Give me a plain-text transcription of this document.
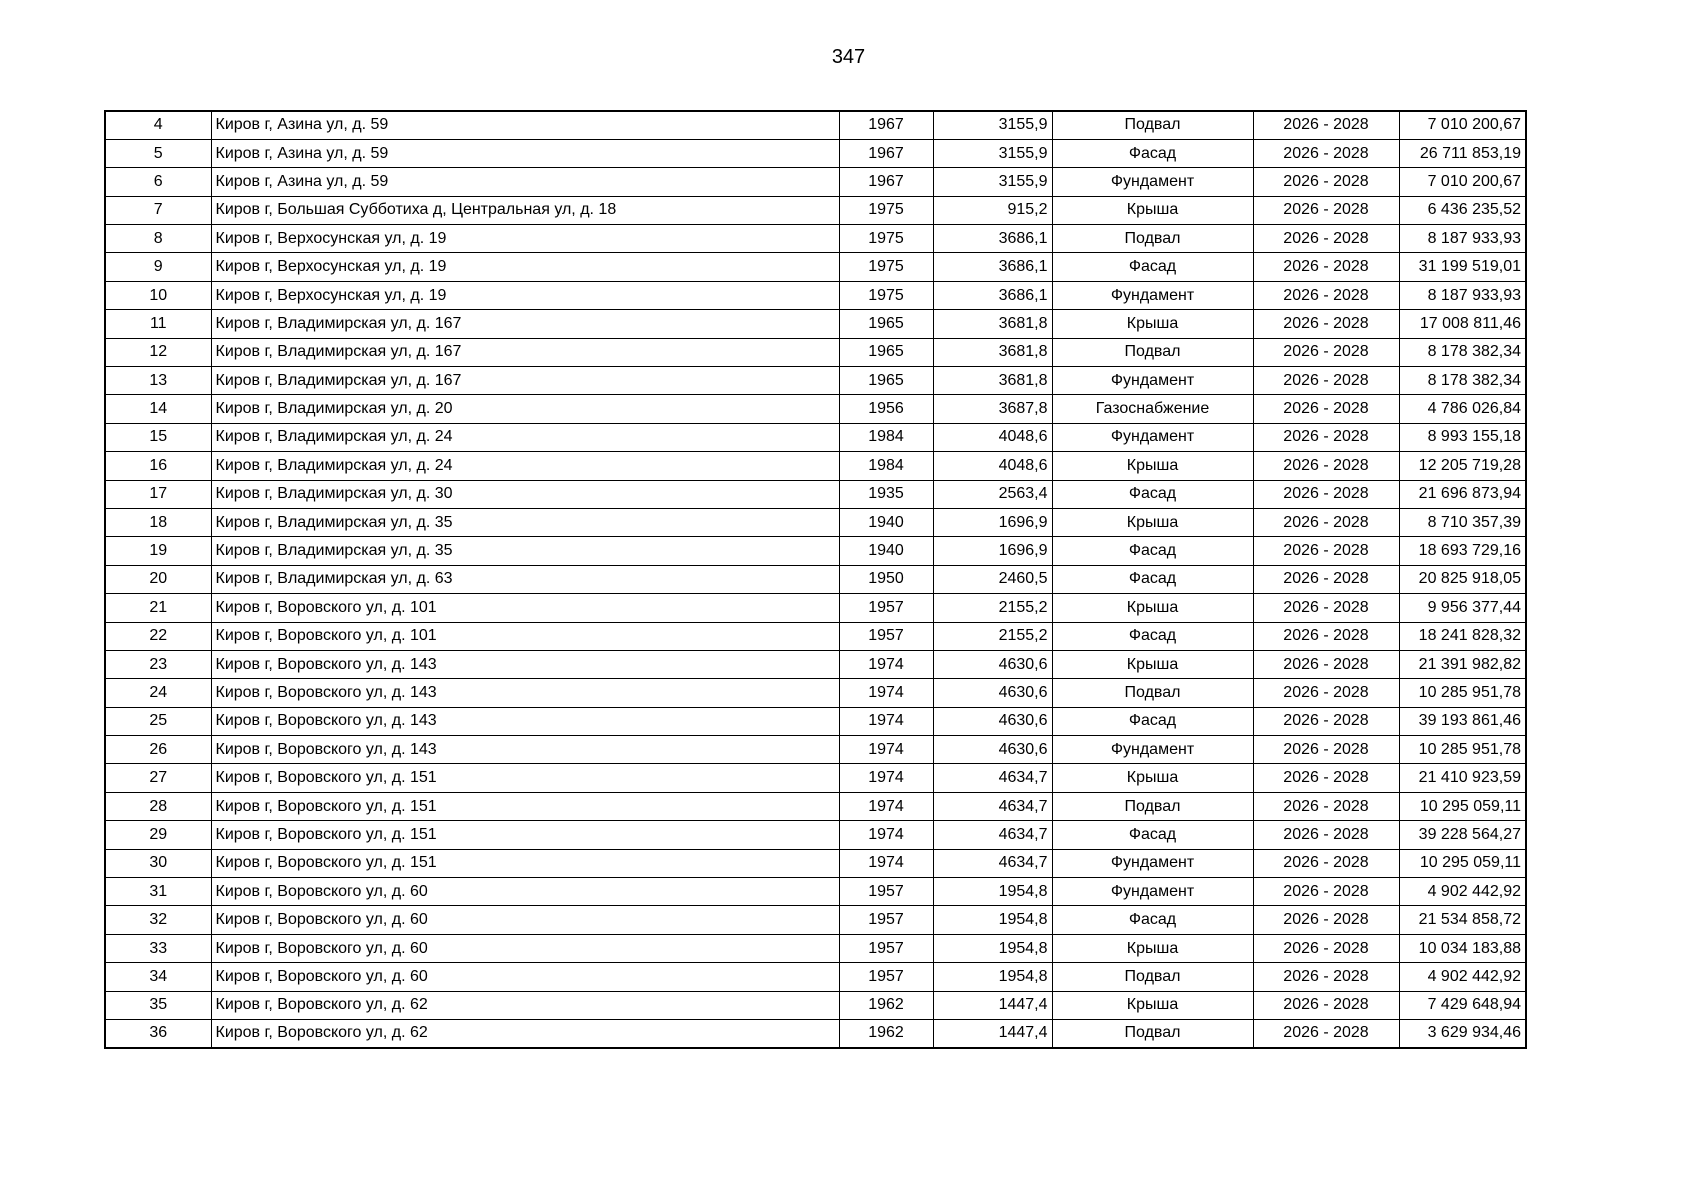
347
4	Киров г, Азина ул, д. 59	1967	3155,9	Подвал	2026 - 2028	7 010 200,67
5	Киров г, Азина ул, д. 59	1967	3155,9	Фасад	2026 - 2028	26 711 853,19
6	Киров г, Азина ул, д. 59	1967	3155,9	Фундамент	2026 - 2028	7 010 200,67
7	Киров г, Большая Субботиха д, Центральная ул, д. 18	1975	915,2	Крыша	2026 - 2028	6 436 235,52
8	Киров г, Верхосунская ул, д. 19	1975	3686,1	Подвал	2026 - 2028	8 187 933,93
9	Киров г, Верхосунская ул, д. 19	1975	3686,1	Фасад	2026 - 2028	31 199 519,01
10	Киров г, Верхосунская ул, д. 19	1975	3686,1	Фундамент	2026 - 2028	8 187 933,93
11	Киров г, Владимирская ул, д. 167	1965	3681,8	Крыша	2026 - 2028	17 008 811,46
12	Киров г, Владимирская ул, д. 167	1965	3681,8	Подвал	2026 - 2028	8 178 382,34
13	Киров г, Владимирская ул, д. 167	1965	3681,8	Фундамент	2026 - 2028	8 178 382,34
14	Киров г, Владимирская ул, д. 20	1956	3687,8	Газоснабжение	2026 - 2028	4 786 026,84
15	Киров г, Владимирская ул, д. 24	1984	4048,6	Фундамент	2026 - 2028	8 993 155,18
16	Киров г, Владимирская ул, д. 24	1984	4048,6	Крыша	2026 - 2028	12 205 719,28
17	Киров г, Владимирская ул, д. 30	1935	2563,4	Фасад	2026 - 2028	21 696 873,94
18	Киров г, Владимирская ул, д. 35	1940	1696,9	Крыша	2026 - 2028	8 710 357,39
19	Киров г, Владимирская ул, д. 35	1940	1696,9	Фасад	2026 - 2028	18 693 729,16
20	Киров г, Владимирская ул, д. 63	1950	2460,5	Фасад	2026 - 2028	20 825 918,05
21	Киров г, Воровского ул, д. 101	1957	2155,2	Крыша	2026 - 2028	9 956 377,44
22	Киров г, Воровского ул, д. 101	1957	2155,2	Фасад	2026 - 2028	18 241 828,32
23	Киров г, Воровского ул, д. 143	1974	4630,6	Крыша	2026 - 2028	21 391 982,82
24	Киров г, Воровского ул, д. 143	1974	4630,6	Подвал	2026 - 2028	10 285 951,78
25	Киров г, Воровского ул, д. 143	1974	4630,6	Фасад	2026 - 2028	39 193 861,46
26	Киров г, Воровского ул, д. 143	1974	4630,6	Фундамент	2026 - 2028	10 285 951,78
27	Киров г, Воровского ул, д. 151	1974	4634,7	Крыша	2026 - 2028	21 410 923,59
28	Киров г, Воровского ул, д. 151	1974	4634,7	Подвал	2026 - 2028	10 295 059,11
29	Киров г, Воровского ул, д. 151	1974	4634,7	Фасад	2026 - 2028	39 228 564,27
30	Киров г, Воровского ул, д. 151	1974	4634,7	Фундамент	2026 - 2028	10 295 059,11
31	Киров г, Воровского ул, д. 60	1957	1954,8	Фундамент	2026 - 2028	4 902 442,92
32	Киров г, Воровского ул, д. 60	1957	1954,8	Фасад	2026 - 2028	21 534 858,72
33	Киров г, Воровского ул, д. 60	1957	1954,8	Крыша	2026 - 2028	10 034 183,88
34	Киров г, Воровского ул, д. 60	1957	1954,8	Подвал	2026 - 2028	4 902 442,92
35	Киров г, Воровского ул, д. 62	1962	1447,4	Крыша	2026 - 2028	7 429 648,94
36	Киров г, Воровского ул, д. 62	1962	1447,4	Подвал	2026 - 2028	3 629 934,46
